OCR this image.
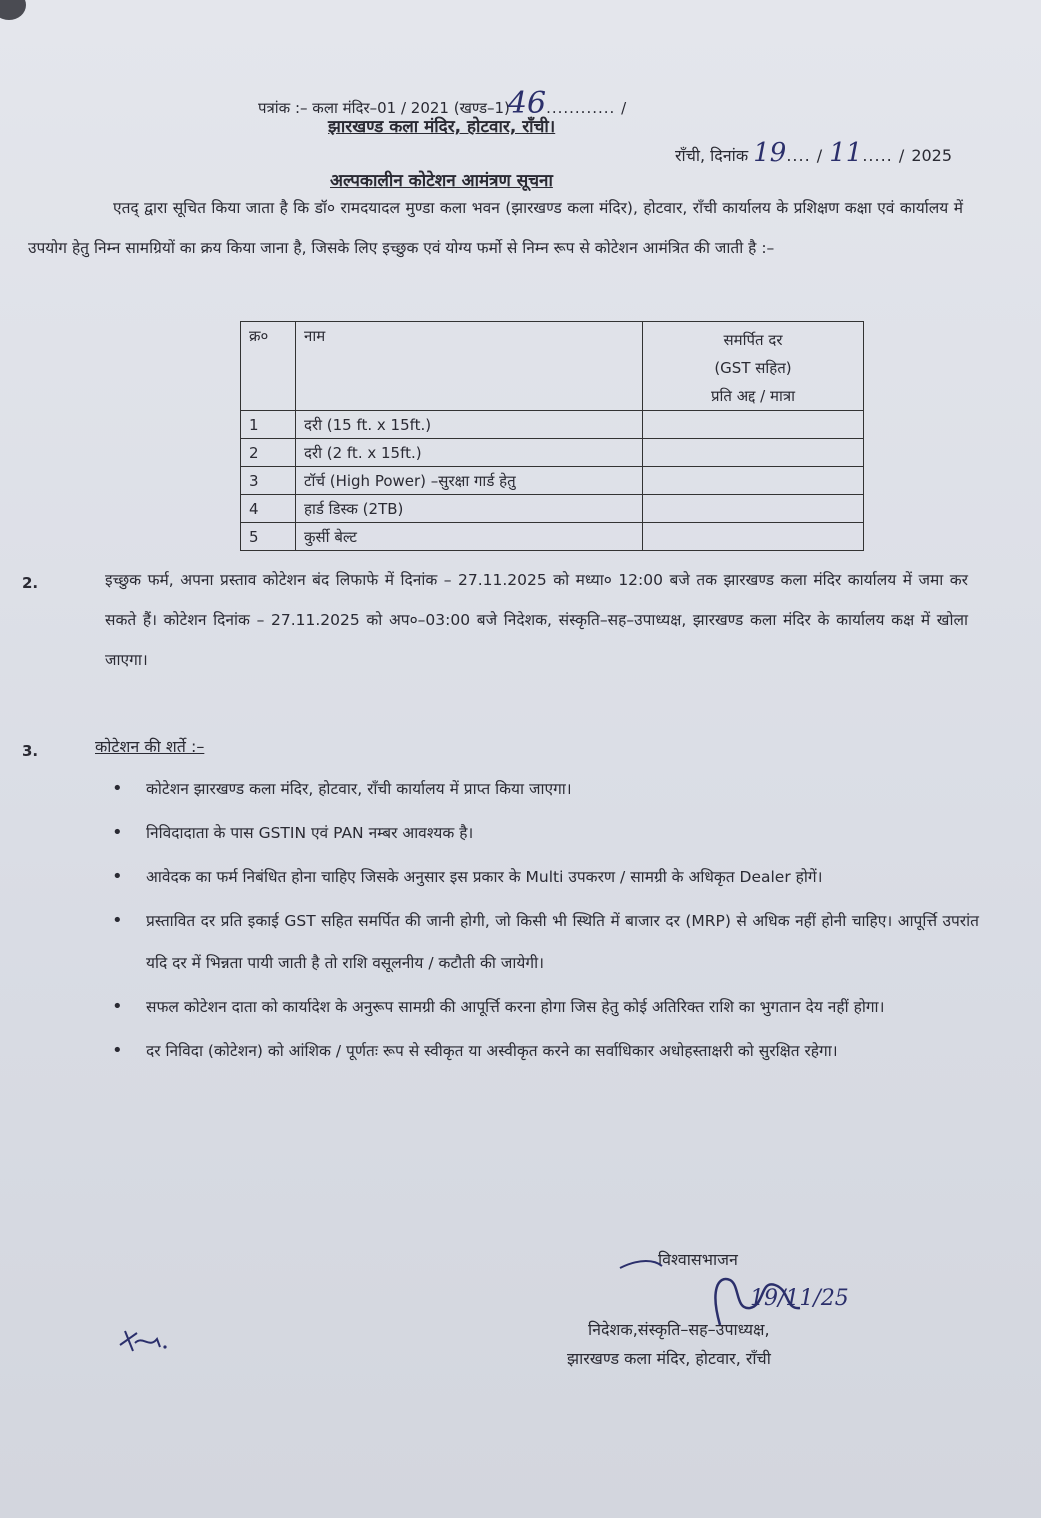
पत्रांक :– कला मंदिर–01 / 2021 (खण्ड–1)46............ /
झारखण्ड कला मंदिर, होटवार, राँची।
राँची, दिनांक 19.... / 11..... / 2025
अल्पकालीन कोटेशन आमंत्रण सूचना
एतद् द्वारा सूचित किया जाता है कि डॉ० रामदयादल मुण्डा कला भवन (झारखण्ड कला मंदिर), होटवार, राँची कार्यालय के प्रशिक्षण कक्षा एवं कार्यालय में उपयोग हेतु निम्न सामग्रियों का क्रय किया जाना है, जिसके लिए इच्छुक एवं योग्य फर्मो से निम्न रूप से कोटेशन आमंत्रित की जाती है :–
क्र०	नाम	समर्पित दर
(GST सहित)
प्रति अद्द / मात्रा

1	दरी (15 ft. x 15ft.)	
2	दरी (2 ft. x 15ft.)	
3	टॉर्च (High Power) –सुरक्षा गार्ड हेतु	
4	हार्ड डिस्क (2TB)	
5	कुर्सी बेल्ट	
2.	इच्छुक फर्म, अपना प्रस्ताव कोटेशन बंद लिफाफे में दिनांक – 27.11.2025 को मध्या० 12:00 बजे तक झारखण्ड कला मंदिर कार्यालय में जमा कर सकते हैं। कोटेशन दिनांक – 27.11.2025 को अप०–03:00 बजे निदेशक, संस्कृति–सह–उपाध्यक्ष, झारखण्ड कला मंदिर के कार्यालय कक्ष में खोला जाएगा।
3.	कोटेशन की शर्ते :–
• कोटेशन झारखण्ड कला मंदिर, होटवार, राँची कार्यालय में प्राप्त किया जाएगा।
• निविदादाता के पास GSTIN एवं PAN नम्बर आवश्यक है।
• आवेदक का फर्म निबंधित होना चाहिए जिसके अनुसार इस प्रकार के Multi उपकरण / सामग्री के अधिकृत Dealer होगें।
• प्रस्तावित दर प्रति इकाई GST सहित समर्पित की जानी होगी, जो किसी भी स्थिति में बाजार दर (MRP) से अधिक नहीं होनी चाहिए। आपूर्त्ति उपरांत यदि दर में भिन्नता पायी जाती है तो राशि वसूलनीय / कटौती की जायेगी।
• सफल कोटेशन दाता को कार्यादेश के अनुरूप सामग्री की आपूर्त्ति करना होगा जिस हेतु कोई अतिरिक्त राशि का भुगतान देय नहीं होगा।
• दर निविदा (कोटेशन) को आंशिक / पूर्णतः रूप से स्वीकृत या अस्वीकृत करने का सर्वाधिकार अधोहस्ताक्षरी को सुरक्षित रहेगा।
विश्वासभाजन
19/11/25
निदेशक,संस्कृति–सह–उपाध्यक्ष,
झारखण्ड कला मंदिर, होटवार, राँची
